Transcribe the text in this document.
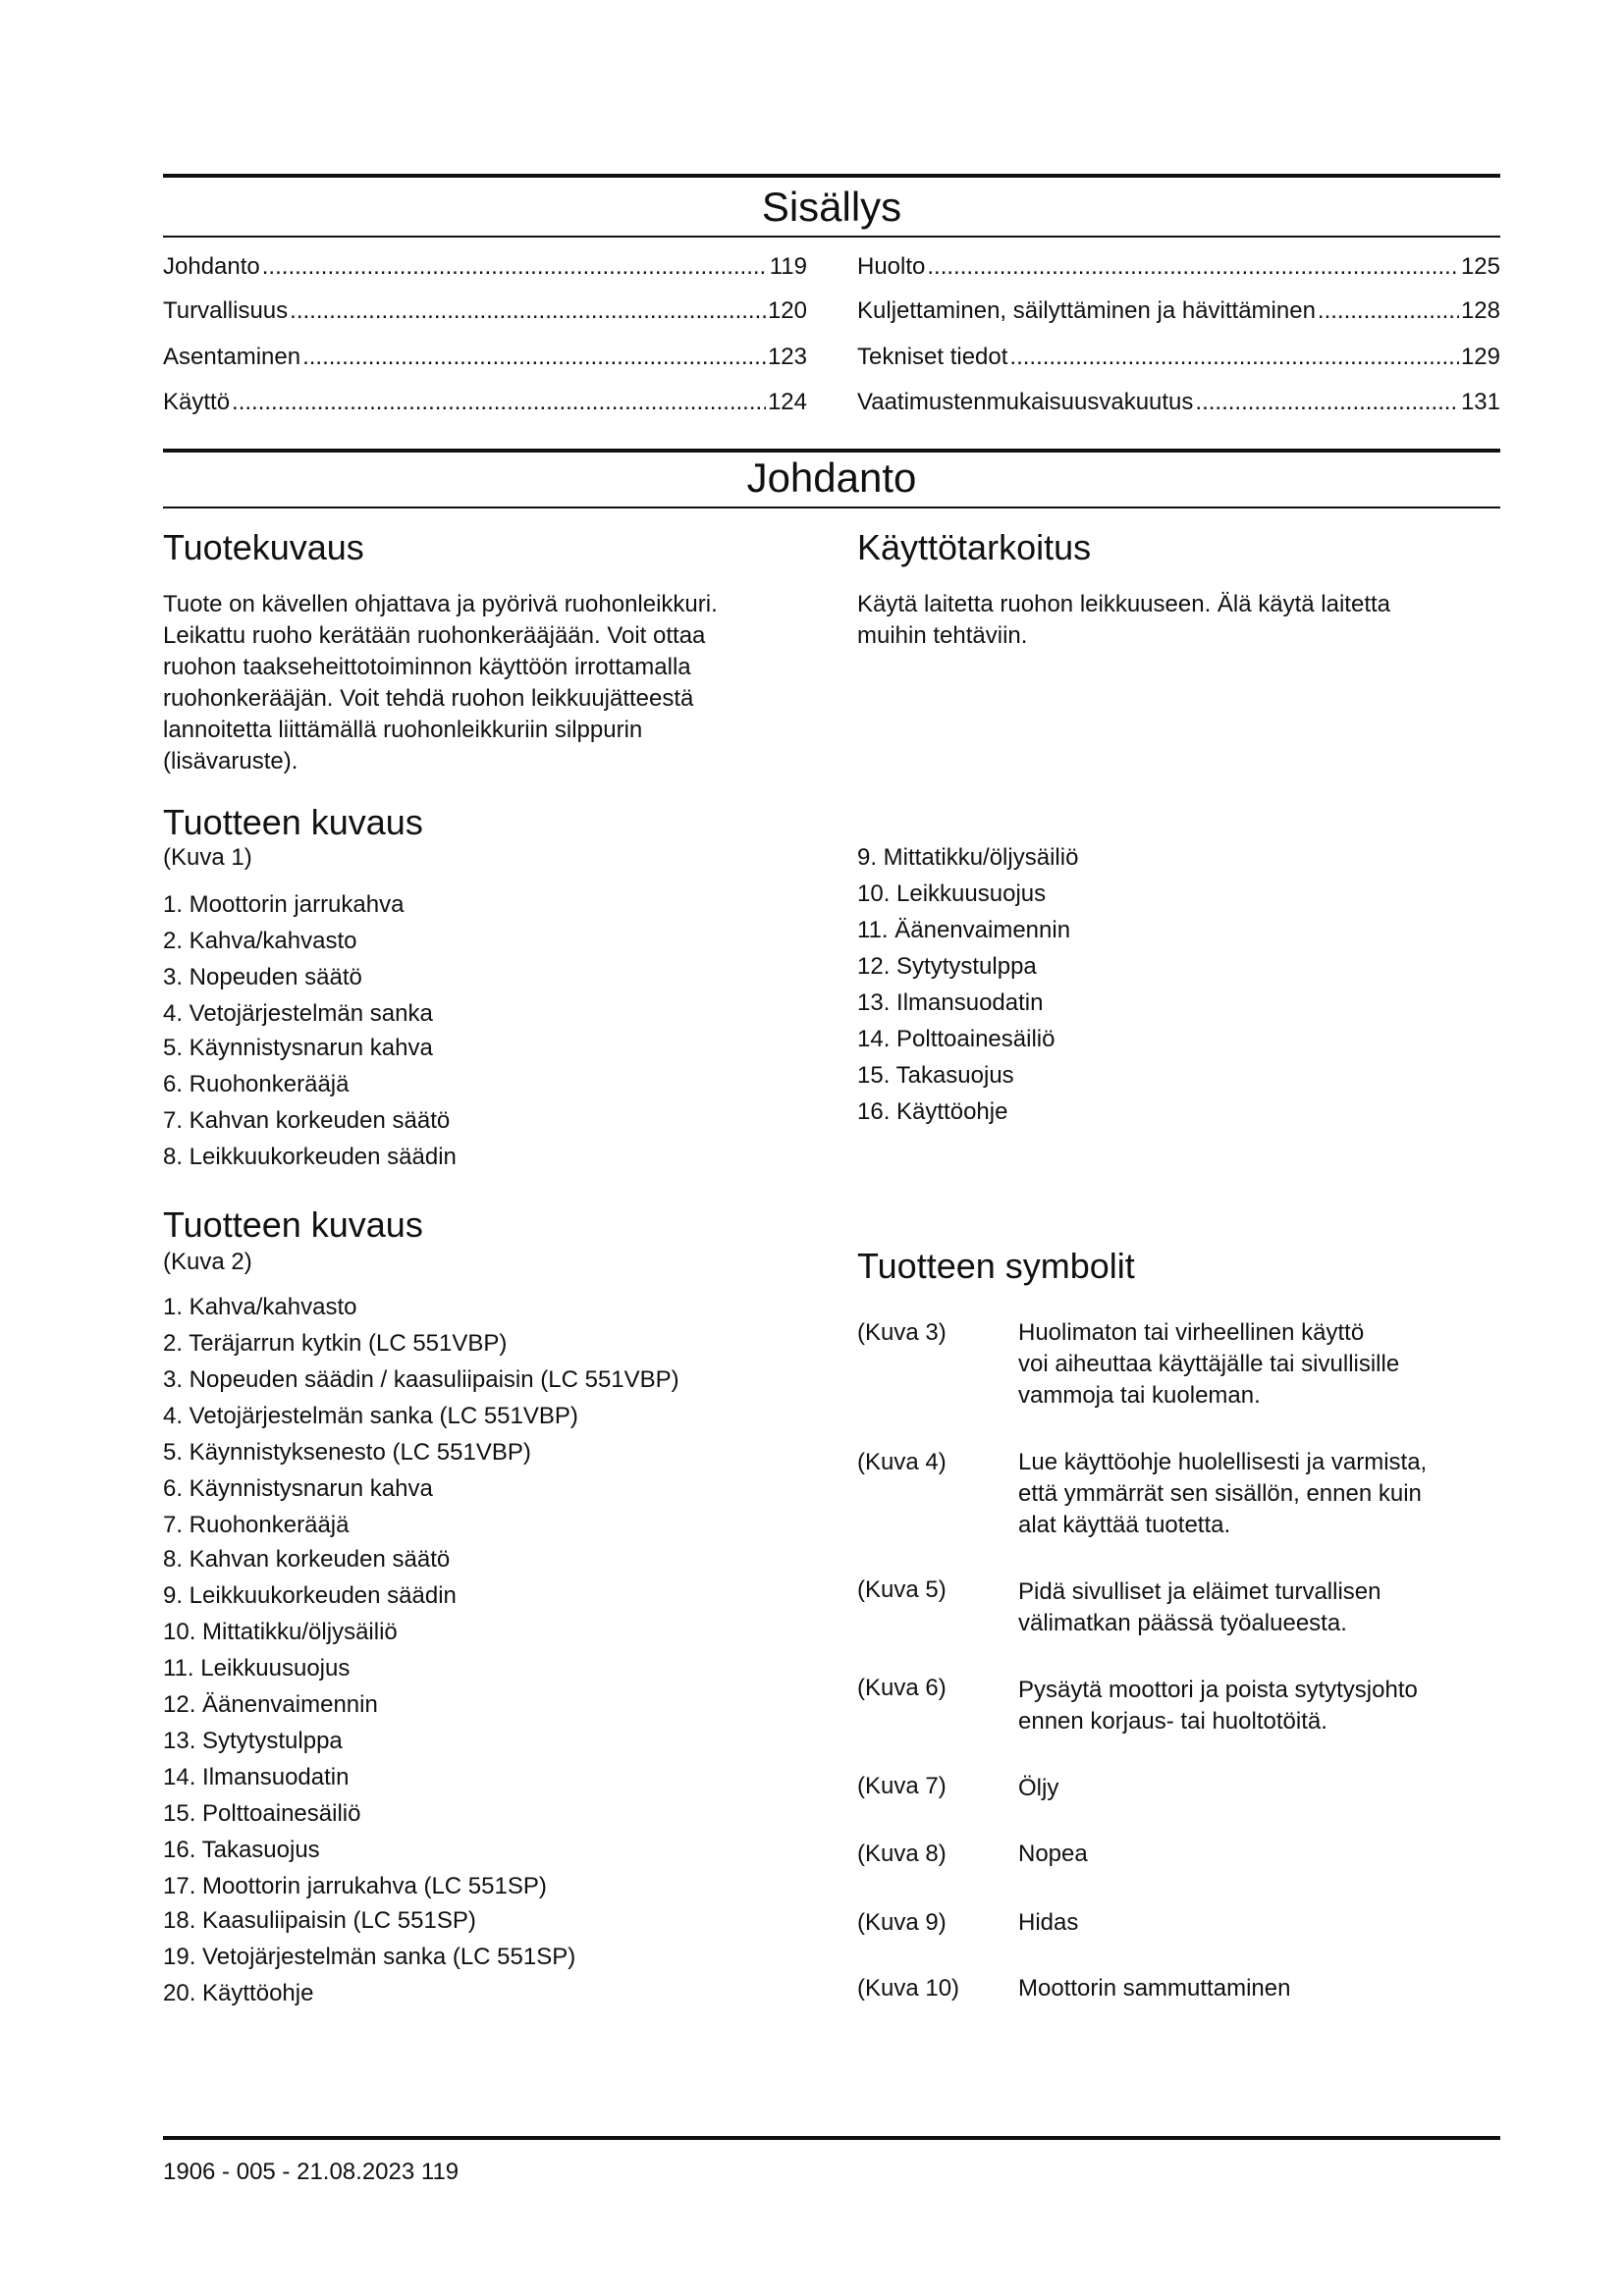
Sisällys
Johdanto .....	119
Turvallisuus .....	120
Asentaminen .....	123
Käyttö .....	124
Huolto .....	125
Kuljettaminen, säilyttäminen ja hävittäminen .....	128
Tekniset tiedot .....	129
Vaatimustenmukaisuusvakuutus .....	131
Johdanto
Tuotekuvaus
Tuote on kävellen ohjattava ja pyörivä ruohonleikkuri.
Leikattu ruoho kerätään ruohonkerääjään. Voit ottaa
ruohon taakseheittotoiminnon käyttöön irrottamalla
ruohonkerääjän. Voit tehdä ruohon leikkuujätteestä
lannoitetta liittämällä ruohonleikkuriin silppurin
(lisävaruste).
Käyttötarkoitus
Käytä laitetta ruohon leikkuuseen. Älä käytä laitetta
muihin tehtäviin.
Tuotteen kuvaus
(Kuva 1)
1. Moottorin jarrukahva
2. Kahva/kahvasto
3. Nopeuden säätö
4. Vetojärjestelmän sanka
5. Käynnistysnarun kahva
6. Ruohonkerääjä
7. Kahvan korkeuden säätö
8. Leikkuukorkeuden säädin
9. Mittatikku/öljysäiliö
10. Leikkuusuojus
11. Äänenvaimennin
12. Sytytystulppa
13. Ilmansuodatin
14. Polttoainesäiliö
15. Takasuojus
16. Käyttöohje
Tuotteen kuvaus
(Kuva 2)
1. Kahva/kahvasto
2. Teräjarrun kytkin (LC 551VBP)
3. Nopeuden säädin / kaasuliipaisin (LC 551VBP)
4. Vetojärjestelmän sanka (LC 551VBP)
5. Käynnistyksenesto (LC 551VBP)
6. Käynnistysnarun kahva
7. Ruohonkerääjä
8. Kahvan korkeuden säätö
9. Leikkuukorkeuden säädin
10. Mittatikku/öljysäiliö
11. Leikkuusuojus
12. Äänenvaimennin
13. Sytytystulppa
14. Ilmansuodatin
15. Polttoainesäiliö
16. Takasuojus
17. Moottorin jarrukahva (LC 551SP)
18. Kaasuliipaisin (LC 551SP)
19. Vetojärjestelmän sanka (LC 551SP)
20. Käyttöohje
Tuotteen symbolit
(Kuva 3)	Huolimaton tai virheellinen käyttö
voi aiheuttaa käyttäjälle tai sivullisille
vammoja tai kuoleman.
(Kuva 4)	Lue käyttöohje huolellisesti ja varmista,
että ymmärrät sen sisällön, ennen kuin
alat käyttää tuotetta.
(Kuva 5)	Pidä sivulliset ja eläimet turvallisen
välimatkan päässä työalueesta.
(Kuva 6)	Pysäytä moottori ja poista sytytysjohto
ennen korjaus- tai huoltotöitä.
(Kuva 7)	Öljy
(Kuva 8)	Nopea
(Kuva 9)	Hidas
(Kuva 10) Moottorin sammuttaminen
1906 - 005 - 21.08.2023 119
